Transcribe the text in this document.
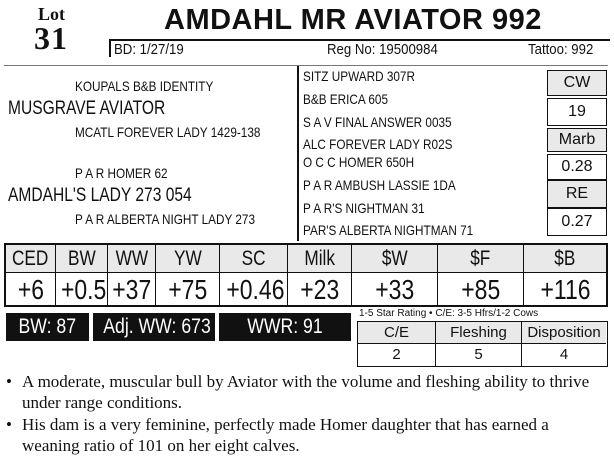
Lot
31	AMDAHL MR AVIATOR 992
BD: 1/27/19	Reg No: 19500984	Tattoo: 992
KOUPALS B&B IDENTITY
MUSGRAVE AVIATOR
MCATL FOREVER LADY 1429-138
P A R HOMER 62
AMDAHL'S LADY 273 054
P A R ALBERTA NIGHT LADY 273
SITZ UPWARD 307R
B&B ERICA 605
S A V FINAL ANSWER 0035
ALC FOREVER LADY R02S
O C C HOMER 650H
P A R AMBUSH LASSIE 1DA
P A R'S NIGHTMAN 31
PAR'S ALBERTA NIGHTMAN 71
CW
19
Marb
0.28
RE
0.27
CED BW WW	YW	SC	Milk	$W	$F	$B
+6 +0.5 +37 +75 +0.46 +23	+33	+85	+116
BW: 87	Adj. WW: 673	WWR: 91
1-5 Star Rating • C/E: 3-5 Hfrs/1-2 Cows
C/E	Fleshing	Disposition
2	5	4
• A moderate, muscular bull by Aviator with the volume and fleshing ability to thrive under range conditions.
• His dam is a very feminine, perfectly made Homer daughter that has earned a weaning ratio of 101 on her eight calves.
